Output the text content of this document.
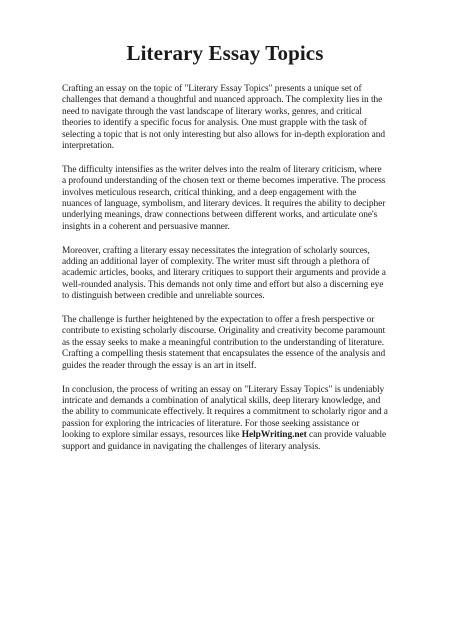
Literary Essay Topics

Crafting an essay on the topic of "Literary Essay Topics" presents a unique set of challenges that demand a thoughtful and nuanced approach. The complexity lies in the need to navigate through the vast landscape of literary works, genres, and critical theories to identify a specific focus for analysis. One must grapple with the task of selecting a topic that is not only interesting but also allows for in-depth exploration and interpretation.

The difficulty intensifies as the writer delves into the realm of literary criticism, where a profound understanding of the chosen text or theme becomes imperative. The process involves meticulous research, critical thinking, and a deep engagement with the nuances of language, symbolism, and literary devices. It requires the ability to decipher underlying meanings, draw connections between different works, and articulate one's insights in a coherent and persuasive manner.

Moreover, crafting a literary essay necessitates the integration of scholarly sources, adding an additional layer of complexity. The writer must sift through a plethora of academic articles, books, and literary critiques to support their arguments and provide a well-rounded analysis. This demands not only time and effort but also a discerning eye to distinguish between credible and unreliable sources.

The challenge is further heightened by the expectation to offer a fresh perspective or contribute to existing scholarly discourse. Originality and creativity become paramount as the essay seeks to make a meaningful contribution to the understanding of literature. Crafting a compelling thesis statement that encapsulates the essence of the analysis and guides the reader through the essay is an art in itself.

In conclusion, the process of writing an essay on "Literary Essay Topics" is undeniably intricate and demands a combination of analytical skills, deep literary knowledge, and the ability to communicate effectively. It requires a commitment to scholarly rigor and a passion for exploring the intricacies of literature. For those seeking assistance or looking to explore similar essays, resources like HelpWriting.net can provide valuable support and guidance in navigating the challenges of literary analysis.
